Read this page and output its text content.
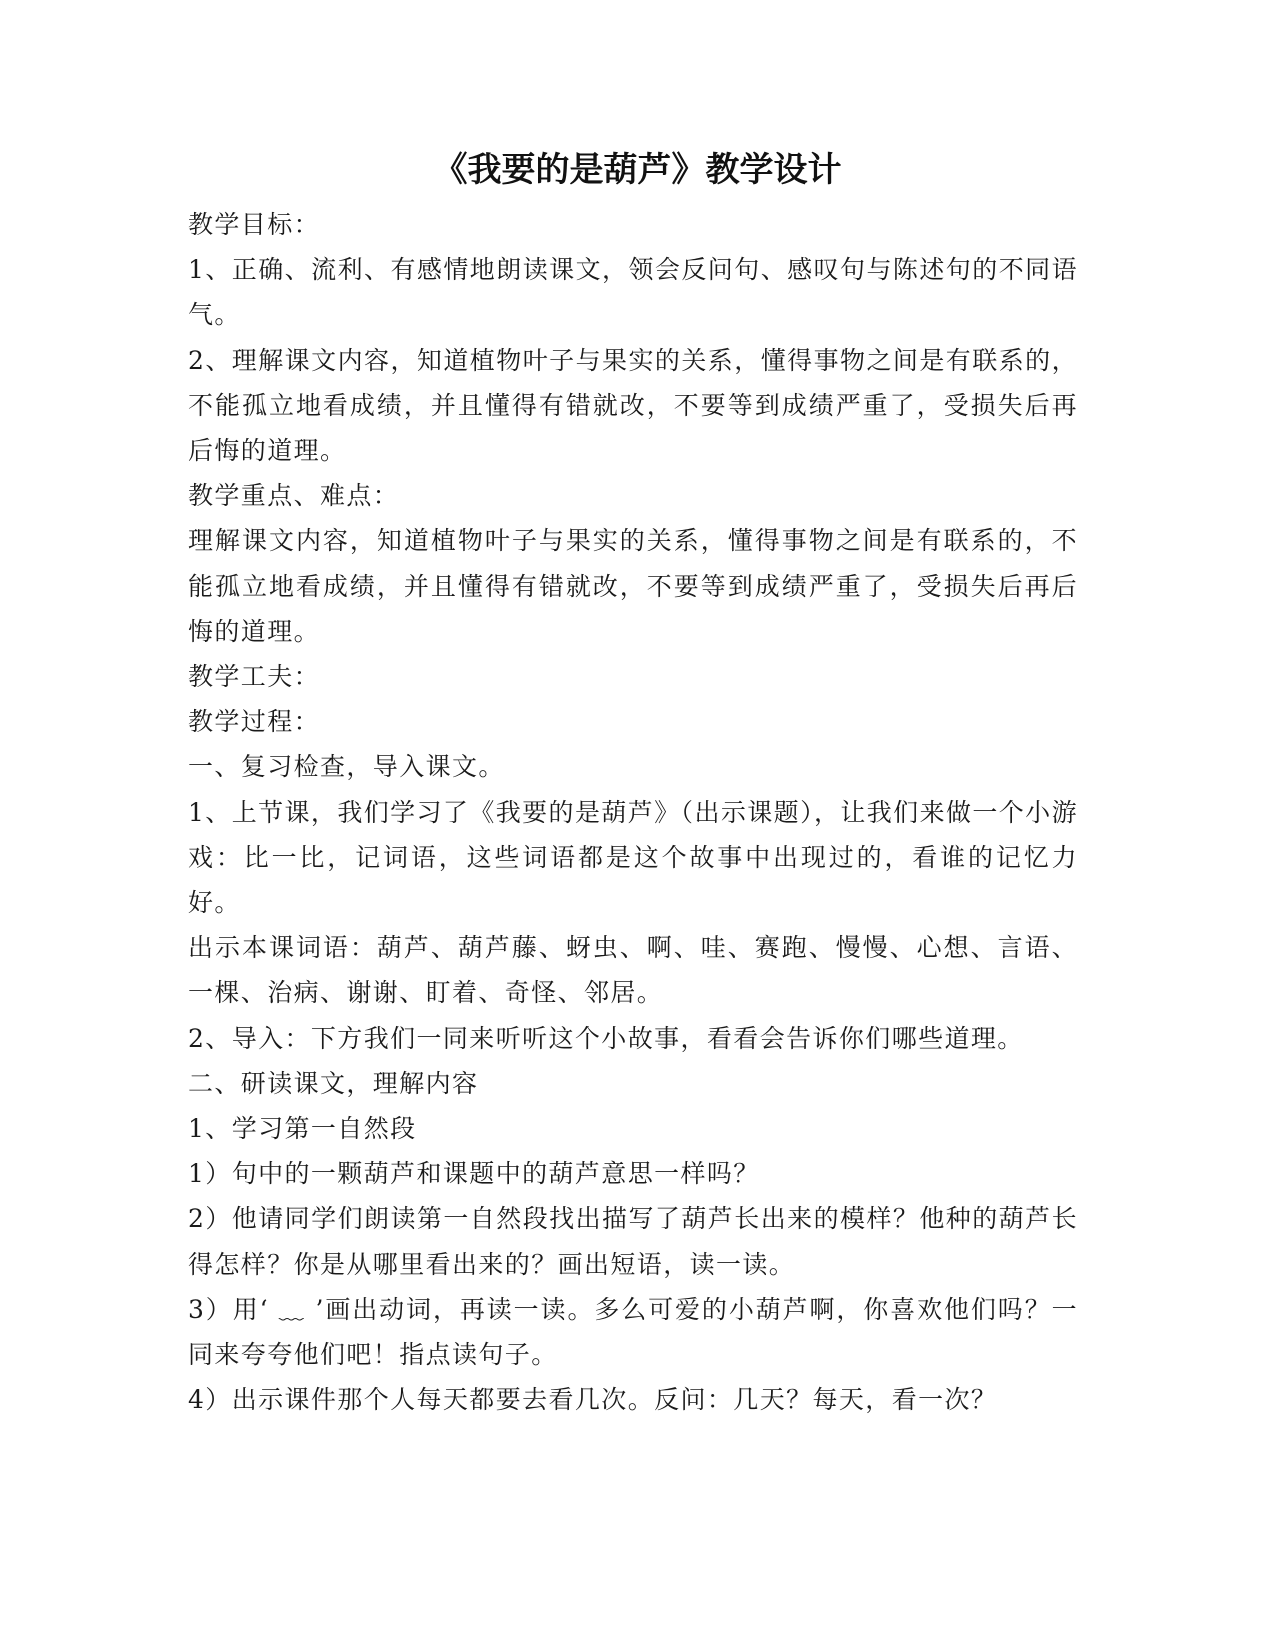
《我要的是葫芦》教学设计

教学目标：

1、正确、流利、有感情地朗读课文，领会反问句、感叹句与陈述句的不同语气。

2、理解课文内容，知道植物叶子与果实的关系，懂得事物之间是有联系的，不能孤立地看成绩，并且懂得有错就改，不要等到成绩严重了，受损失后再后悔的道理。

教学重点、难点：

理解课文内容，知道植物叶子与果实的关系，懂得事物之间是有联系的，不能孤立地看成绩，并且懂得有错就改，不要等到成绩严重了，受损失后再后悔的道理。

教学工夫：

教学过程：

一、复习检查，导入课文。

1、上节课，我们学习了《我要的是葫芦》（出示课题），让我们来做一个小游戏：比一比，记词语，这些词语都是这个故事中出现过的，看谁的记忆力好。

出示本课词语：葫芦、葫芦藤、蚜虫、啊、哇、赛跑、慢慢、心想、言语、一棵、治病、谢谢、盯着、奇怪、邻居。

2、导入：下方我们一同来听听这个小故事，看看会告诉你们哪些道理。

二、研读课文，理解内容

1、学习第一自然段

1）句中的一颗葫芦和课题中的葫芦意思一样吗？

2）他请同学们朗读第一自然段找出描写了葫芦长出来的模样？他种的葫芦长得怎样？你是从哪里看出来的？画出短语，读一读。

3）用‘ ﹏ ’画出动词，再读一读。多么可爱的小葫芦啊，你喜欢他们吗？一同来夸夸他们吧！指点读句子。

4）出示课件那个人每天都要去看几次。反问：几天？每天，看一次？
